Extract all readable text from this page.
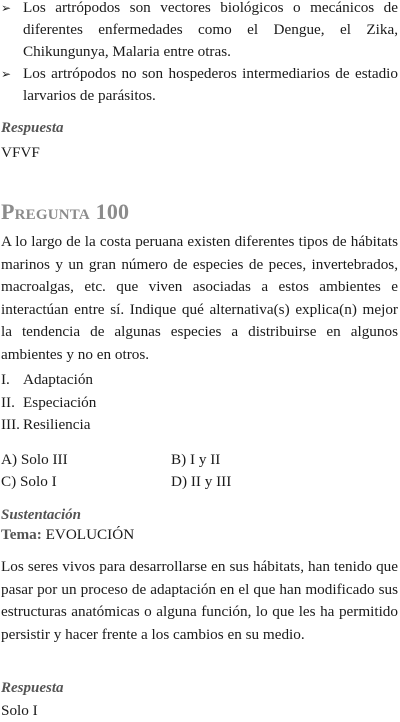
➢ Los artrópodos son vectores biológicos o mecánicos de diferentes enfermedades como el Dengue, el Zika, Chikungunya, Malaria entre otras.
➢ Los artrópodos no son hospederos intermediarios de estadio larvarios de parásitos.
Respuesta
VFVF
Pregunta 100
A lo largo de la costa peruana existen diferentes tipos de hábitats marinos y un gran número de especies de peces, invertebrados, macroalgas, etc. que viven asociadas a estos ambientes e interactúan entre sí. Indique qué alternativa(s) explica(n) mejor la tendencia de algunas especies a distribuirse en algunos ambientes y no en otros.
I. Adaptación
II. Especiación
III. Resiliencia
A) Solo III	B) I y II
C) Solo I	D) II y III
Sustentación
Tema: EVOLUCIÓN
Los seres vivos para desarrollarse en sus hábitats, han tenido que pasar por un proceso de adaptación en el que han modificado sus estructuras anatómicas o alguna función, lo que les ha permitido persistir y hacer frente a los cambios en su medio.
Respuesta
Solo I
